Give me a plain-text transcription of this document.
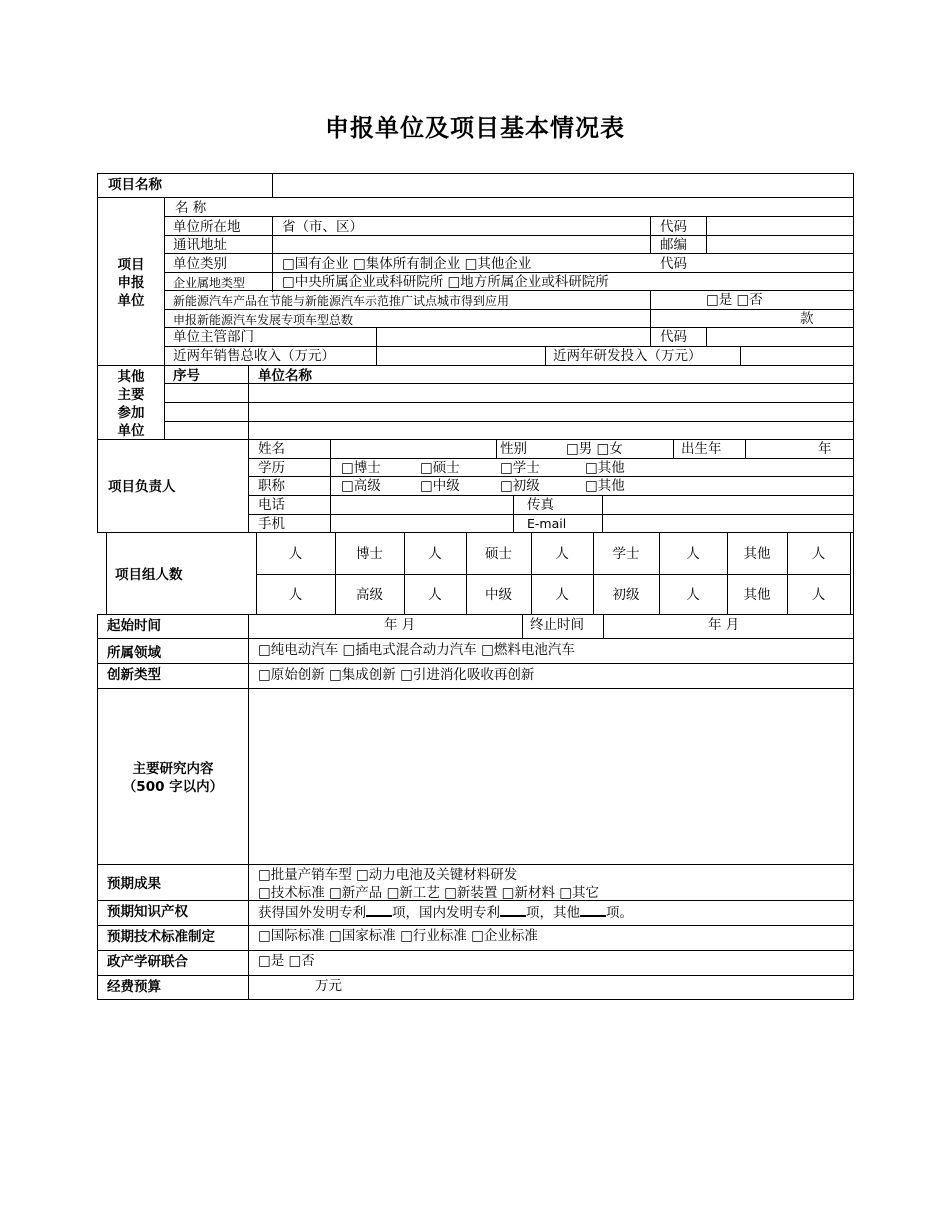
申报单位及项目基本情况表
项目名称
项目
申报
单位
名 称
单位所在地	省（市、区）	代码
通讯地址	邮编
单位类别	□国有企业 □集体所有制企业 □其他企业	代码
企业属地类型	□中央所属企业或科研院所 □地方所属企业或科研院所
新能源汽车产品在节能与新能源汽车示范推广试点城市得到应用	□是 □否
申报新能源汽车发展专项车型总数	款
单位主管部门	代码
近两年销售总收入（万元）	近两年研发投入（万元）
其他
主要
参加
单位
序号	单位名称
项目负责人
姓名	性别	□男 □女	出生年	年
学历	□博士	□硕士	□学士	□其他
职称	□高级	□中级	□初级	□其他
电话	传真
手机	E-mail
项目组人数
人	博士	人	硕士	人	学士	人	其他	人
人	高级	人	中级	人	初级	人	其他	人
起始时间	年 月	终止时间	年 月
所属领域	□纯电动汽车 □插电式混合动力汽车 □燃料电池汽车
创新类型	□原始创新 □集成创新 □引进消化吸收再创新
主要研究内容
（500 字以内）
预期成果
□批量产销车型 □动力电池及关键材料研发
□技术标准 □新产品 □新工艺 □新装置 □新材料 □其它
预期知识产权	获得国外发明专利 项，国内发明专利 项，其他 项。
预期技术标准制定	□国际标准 □国家标准 □行业标准 □企业标准
政产学研联合	□是 □否
经费预算	万元
